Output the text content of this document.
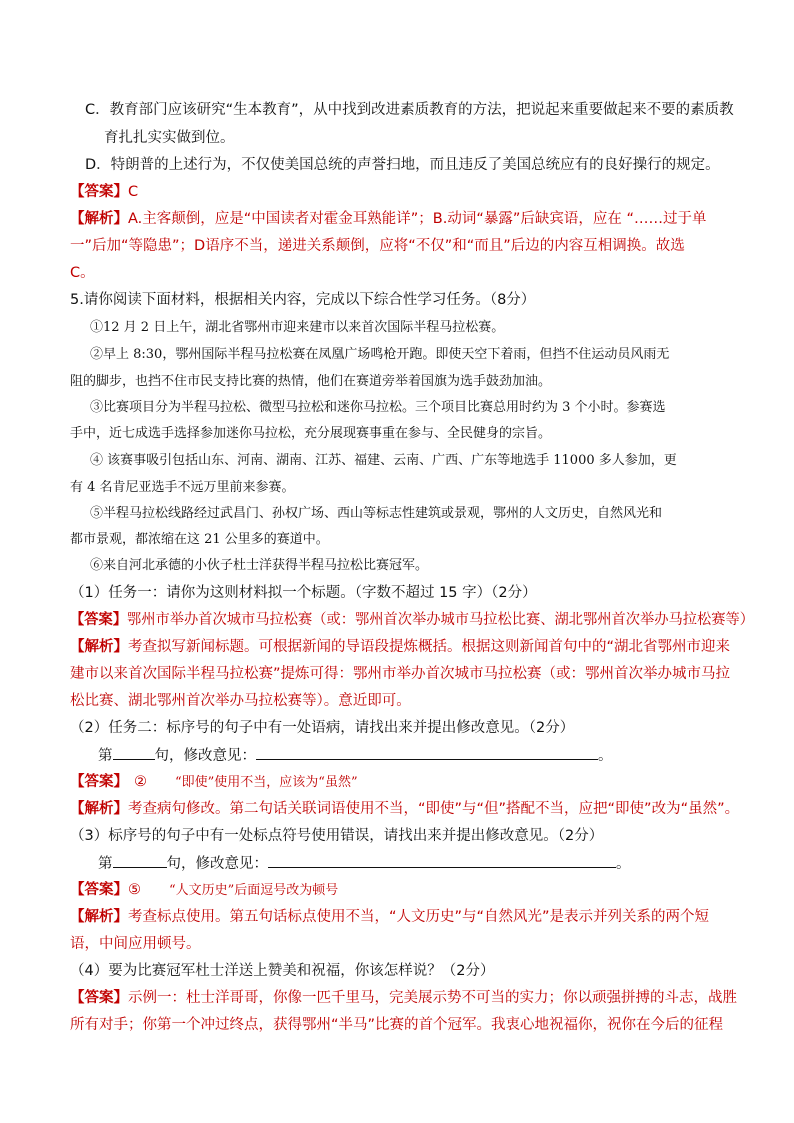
C．教育部门应该研究“生本教育”，从中找到改进素质教育的方法，把说起来重要做起来不要的素质教
育扎扎实实做到位。
D．特朗普的上述行为，不仅使美国总统的声誉扫地，而且违反了美国总统应有的良好操行的规定。
【答案】C
【解析】A.主客颠倒，应是“中国读者对霍金耳熟能详”；B.动词“暴露”后缺宾语，应在 “……过于单
一”后加“等隐患”；D语序不当，递进关系颠倒，应将“不仅”和“而且”后边的内容互相调换。故选
C。
5.请你阅读下面材料，根据相关内容，完成以下综合性学习任务。（8分）
①12 月 2 日上午，湖北省鄂州市迎来建市以来首次国际半程马拉松赛。
②早上 8:30，鄂州国际半程马拉松赛在凤凰广场鸣枪开跑。即使天空下着雨，但挡不住运动员风雨无
阻的脚步，也挡不住市民支持比赛的热情，他们在赛道旁举着国旗为选手鼓劲加油。
③比赛项目分为半程马拉松、微型马拉松和迷你马拉松。三个项目比赛总用时约为 3 个小时。参赛选
手中，近七成选手选择参加迷你马拉松，充分展现赛事重在参与、全民健身的宗旨。
④ 该赛事吸引包括山东、河南、湖南、江苏、福建、云南、广西、广东等地选手 11000 多人参加，更
有 4 名肯尼亚选手不远万里前来参赛。
⑤半程马拉松线路经过武昌门、孙权广场、西山等标志性建筑或景观，鄂州的人文历史，自然风光和
都市景观，都浓缩在这 21 公里多的赛道中。
⑥来自河北承德的小伙子杜士洋获得半程马拉松比赛冠军。
（1）任务一：请你为这则材料拟一个标题。（字数不超过 15 字）（2分）
【答案】鄂州市举办首次城市马拉松赛（或：鄂州首次举办城市马拉松比赛、湖北鄂州首次举办马拉松赛等）
【解析】考查拟写新闻标题。可根据新闻的导语段提炼概括。根据这则新闻首句中的“湖北省鄂州市迎来
建市以来首次国际半程马拉松赛”提炼可得：鄂州市举办首次城市马拉松赛（或：鄂州首次举办城市马拉
松比赛、湖北鄂州首次举办马拉松赛等）。意近即可。
（2）任务二：标序号的句子中有一处语病，请找出来并提出修改意见。（2分）
第	句，修改意见：	。
【答案】 ② “即使”使用不当，应该为“虽然”
【解析】考查病句修改。第二句话关联词语使用不当，“即使”与“但”搭配不当，应把“即使”改为“虽然”。
（3）标序号的句子中有一处标点符号使用错误，请找出来并提出修改意见。（2分）
第	句，修改意见：	。
【答案】⑤ “人文历史”后面逗号改为顿号
【解析】考查标点使用。第五句话标点使用不当，“人文历史”与“自然风光”是表示并列关系的两个短
语，中间应用顿号。
（4）要为比赛冠军杜士洋送上赞美和祝福，你该怎样说？（2分）
【答案】示例一：杜士洋哥哥，你像一匹千里马，完美展示势不可当的实力；你以顽强拼搏的斗志，战胜
所有对手；你第一个冲过终点，获得鄂州“半马”比赛的首个冠军。我衷心地祝福你，祝你在今后的征程
